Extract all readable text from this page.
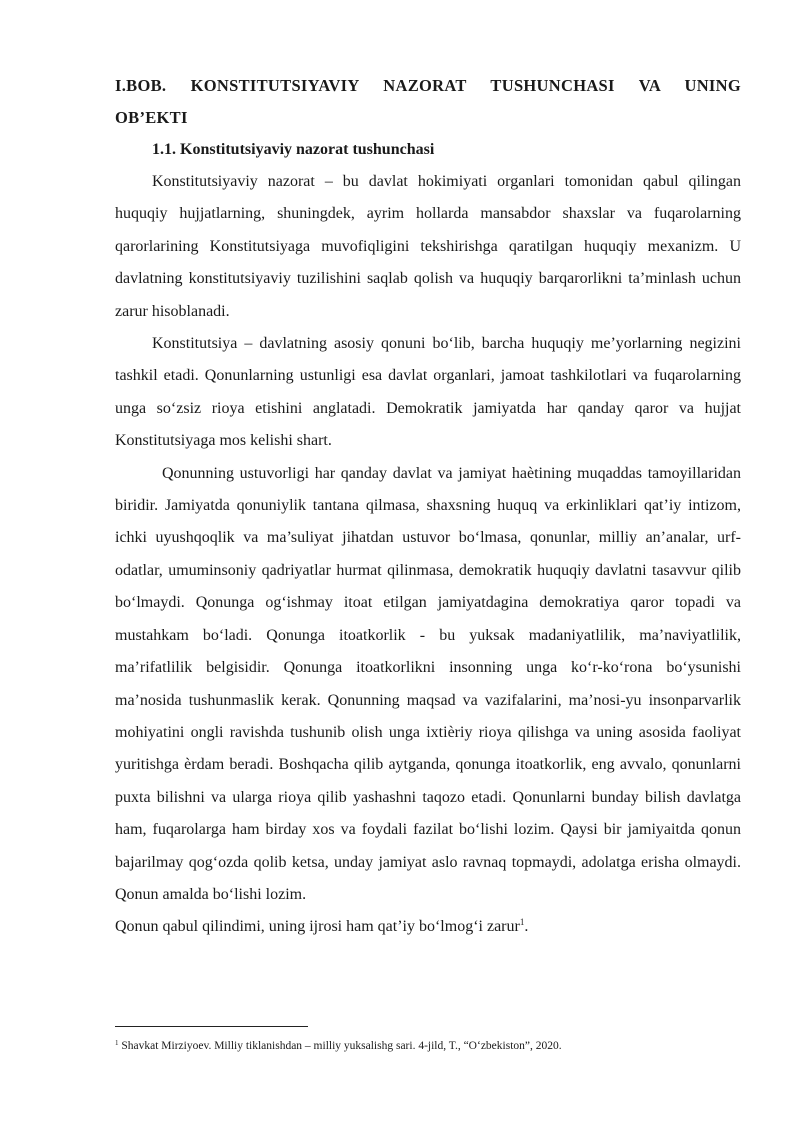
I.BOB. KONSTITUTSIYAVIY NAZORAT TUSHUNCHASI VA UNING
OB’EKTI

1.1. Konstitutsiyaviy nazorat tushunchasi

Konstitutsiyaviy nazorat – bu davlat hokimiyati organlari tomonidan qabul qilingan huquqiy hujjatlarning, shuningdek, ayrim hollarda mansabdor shaxslar va fuqarolarning qarorlarining Konstitutsiyaga muvofiqligini tekshirishga qaratilgan huquqiy mexanizm. U davlatning konstitutsiyaviy tuzilishini saqlab qolish va huquqiy barqarorlikni ta’minlash uchun zarur hisoblanadi.

Konstitutsiya – davlatning asosiy qonuni bo‘lib, barcha huquqiy me’yorlarning negizini tashkil etadi. Qonunlarning ustunligi esa davlat organlari, jamoat tashkilotlari va fuqarolarning unga so‘zsiz rioya etishini anglatadi. Demokratik jamiyatda har qanday qaror va hujjat Konstitutsiyaga mos kelishi shart.

Qonunning ustuvorligi har qanday davlat va jamiyat haètining muqaddas tamoyillaridan biridir. Jamiyatda qonuniylik tantana qilmasa, shaxsning huquq va erkinliklari qat’iy intizom, ichki uyushqoqlik va ma’suliyat jihatdan ustuvor bo‘lmasa, qonunlar, milliy an’analar, urf-odatlar, umuminsoniy qadriyatlar hurmat qilinmasa, demokratik huquqiy davlatni tasavvur qilib bo‘lmaydi. Qonunga og‘ishmay itoat etilgan jamiyatdagina demokratiya qaror topadi va mustahkam bo‘ladi. Qonunga itoatkorlik - bu yuksak madaniyatlilik, ma’naviyatlilik, ma’rifatlilik belgisidir. Qonunga itoatkorlikni insonning unga ko‘r-ko‘rona bo‘ysunishi ma’nosida tushunmaslik kerak. Qonunning maqsad va vazifalarini, ma’nosi-yu insonparvarlik mohiyatini ongli ravishda tushunib olish unga ixtièriy rioya qilishga va uning asosida faoliyat yuritishga èrdam beradi. Boshqacha qilib aytganda, qonunga itoatkorlik, eng avvalo, qonunlarni puxta bilishni va ularga rioya qilib yashashni taqozo etadi. Qonunlarni bunday bilish davlatga ham, fuqarolarga ham birday xos va foydali fazilat bo‘lishi lozim. Qaysi bir jamiyaitda qonun bajarilmay qog‘ozda qolib ketsa, unday jamiyat aslo ravnaq topmaydi, adolatga erisha olmaydi. Qonun amalda bo‘lishi lozim.

Qonun qabul qilindimi, uning ijrosi ham qat’iy bo‘lmog‘i zarur$^1$.

$^1$ Shavkat Mirziyoev. Milliy tiklanishdan – milliy yuksalishg sari. 4-jild, T., “O‘zbekiston”, 2020.
